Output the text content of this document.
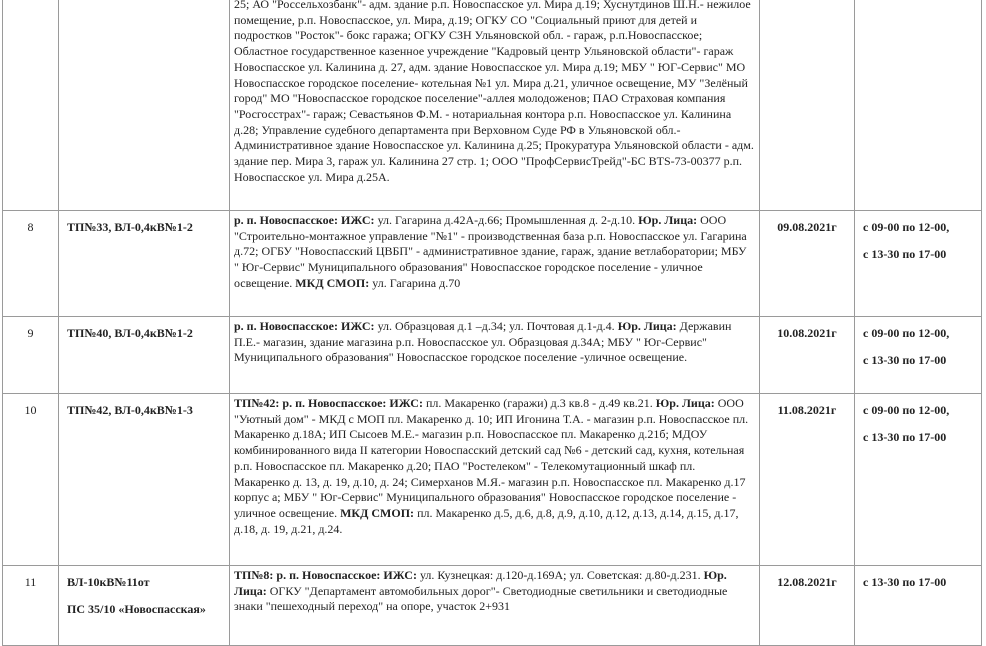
		25; АО "Россельхозбанк"- адм. здание р.п. Новоспасское ул. Мира д.19; Хуснутдинов Ш.Н.- нежилое помещение, р.п. Новоспасское, ул. Мира, д.19; ОГКУ СО "Социальный приют для детей и подростков "Росток"- бокс гаража; ОГКУ СЗН Ульяновской обл. - гараж, р.п.Новоспасское; Областное государственное казенное учреждение "Кадровый центр Ульяновской области"- гараж Новоспасское ул. Калинина д. 27, адм. здание Новоспасское ул. Мира д.19; МБУ " ЮГ-Сервис" МО Новоспасское городское поселение- котельная №1 ул. Мира д.21, уличное освещение, МУ "Зелёный город" МО "Новоспасское городское поселение"-аллея молодоженов; ПАО Страховая компания "Росгосстрах"- гараж; Севастьянов Ф.М. - нотариальная контора р.п. Новоспасское ул. Калинина д.28; Управление судебного департамента при Верховном Суде РФ в Ульяновской обл.- Административное здание Новоспасское ул. Калинина д.25; Прокуратура Ульяновской области - адм. здание пер. Мира 3, гараж ул. Калинина 27 стр. 1; ООО "ПрофСервисТрейд"-БС BTS-73-00377 р.п. Новоспасское ул. Мира д.25А.		
8	ТП№33, ВЛ-0,4кВ№1-2	р. п. Новоспасское: ИЖС: ул. Гагарина д.42А-д.66; Промышленная д. 2-д.10. Юр. Лица: ООО "Строительно-монтажное управление "№1" - производственная база р.п. Новоспасское ул. Гагарина д.72; ОГБУ "Новоспасский ЦВБП" - административное здание, гараж, здание ветлаборатории; МБУ " Юг-Сервис" Муниципального образования" Новоспасское городское поселение - уличное освещение. МКД СМОП: ул. Гагарина д.70	09.08.2021г	с 09-00 по 12-00,
с 13-30 по 17-00

9	ТП№40, ВЛ-0,4кВ№1-2	р. п. Новоспасское: ИЖС: ул. Образцовая д.1 –д.34; ул. Почтовая д.1-д.4. Юр. Лица: Державин П.Е.- магазин, здание магазина р.п. Новоспасское ул. Образцовая д.34А; МБУ " Юг-Сервис" Муниципального образования" Новоспасское городское поселение -уличное освещение.	10.08.2021г	с 09-00 по 12-00,
с 13-30 по 17-00

10	ТП№42, ВЛ-0,4кВ№1-3	ТП№42: р. п. Новоспасское: ИЖС: пл. Макаренко (гаражи) д.3 кв.8 - д.49 кв.21. Юр. Лица: ООО "Уютный дом" - МКД с МОП пл. Макаренко д. 10; ИП Игонина Т.А. - магазин р.п. Новоспасское пл. Макаренко д.18А; ИП Сысоев М.Е.- магазин р.п. Новоспасское пл. Макаренко д.21б; МДОУ комбинированного вида II категории Новоспасский детский сад №6 - детский сад, кухня, котельная р.п. Новоспасское пл. Макаренко д.20; ПАО "Ростелеком" - Телекомутационный шкаф пл. Макаренко д. 13, д. 19, д.10, д. 24; Симерханов М.Я.- магазин р.п. Новоспасское пл. Макаренко д.17 корпус а; МБУ " Юг-Сервис" Муниципального образования" Новоспасское городское поселение - уличное освещение. МКД СМОП: пл. Макаренко д.5, д.6, д.8, д.9, д.10, д.12, д.13, д.14, д.15, д.17, д.18, д. 19, д.21, д.24.	11.08.2021г	с 09-00 по 12-00,
с 13-30 по 17-00

11	ВЛ-10кВ№11от
ПС 35/10 «Новоспасская»	ТП№8: р. п. Новоспасское: ИЖС: ул. Кузнецкая: д.120-д.169А; ул. Советская: д.80-д.231. Юр. Лица: ОГКУ "Департамент автомобильных дорог"- Светодиодные светильники и светодиодные знаки "пешеходный переход" на опоре, участок 2+931	12.08.2021г	с 13-30 по 17-00
